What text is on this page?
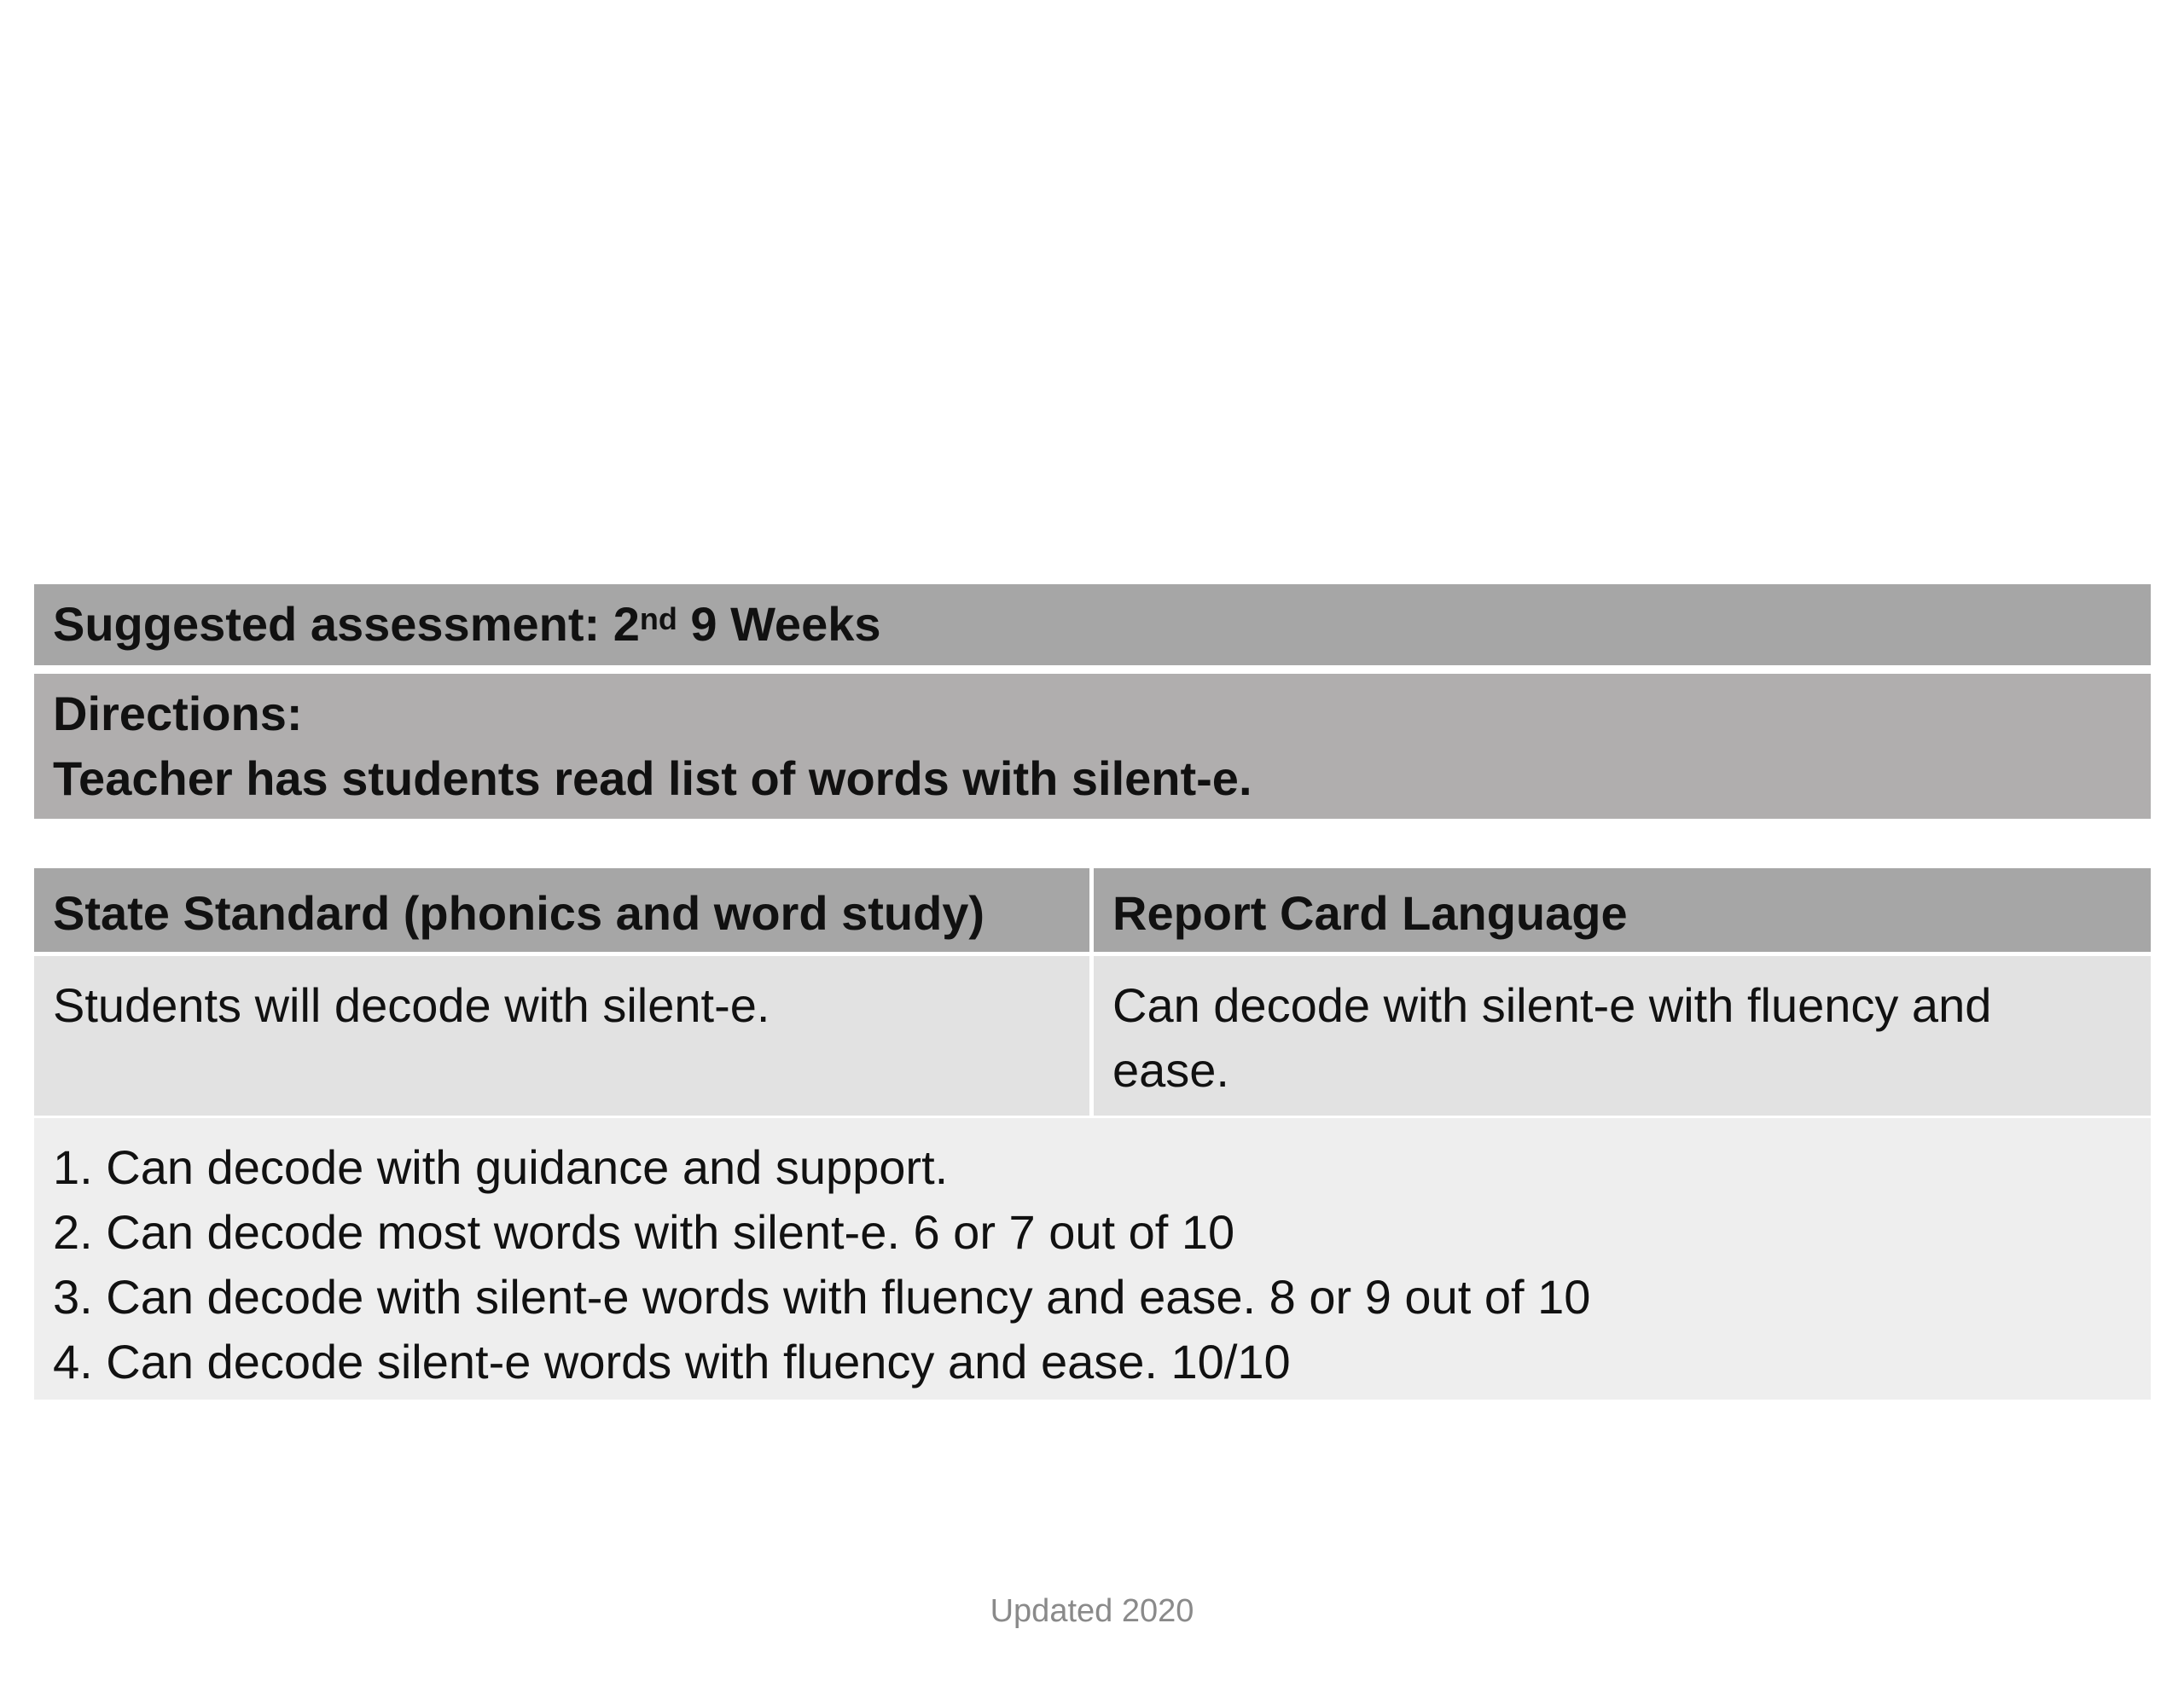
Suggested assessment: 2nd 9 Weeks
Directions:
Teacher has students read list of words with silent-e.
State Standard (phonics and word study)	Report Card Language
Students will decode with silent-e.	Can decode with silent-e with fluency and
ease.
1. Can decode with guidance and support.
2. Can decode most words with silent-e. 6 or 7 out of 10
3. Can decode with silent-e words with fluency and ease. 8 or 9 out of 10
4. Can decode silent-e words with fluency and ease. 10/10
Updated 2020
